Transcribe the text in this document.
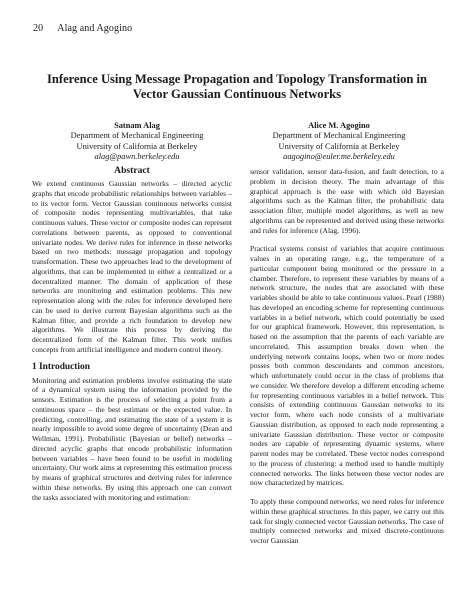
20 Alag and Agogino
Inference Using Message Propagation and Topology Transformation in
Vector Gaussian Continuous Networks
Satnam Alag
Department of Mechanical Engineering
University of California at Berkeley
alag@pawn.berkeley.edu
Alice M. Agogino
Department of Mechanical Engineering
University of California at Berkeley
aagogino@euler.me.berkeley.edu
Abstract

We extend continuous Gaussian networks – directed acyclic graphs that encode probabilistic relationships between variables – to its vector form. Vector Gaussian continuous networks consist of composite nodes representing multivariables, that take continuous values. These vector or composite nodes can represent correlations between parents, as opposed to conventional univariate nodes. We derive rules for inference in these networks based on two methods: message propagation and topology transformation. These two approaches lead to the development of algorithms, that can be implemented in either a centralized or a decentralized manner. The domain of application of these networks are monitoring and estimation problems. This new representation along with the rules for inference developed here can be used to derive current Bayesian algorithms such as the Kalman filter, and provide a rich foundation to develop new algorithms. We illustrate this process by deriving the decentralized form of the Kalman filter. This work unifies concepts from artificial intelligence and modern control theory.

1 Introduction

Monitoring and estimation problems involve estimating the state of a dynamical system using the information provided by the sensors. Estimation is the process of selecting a point from a continuous space – the best estimate or the expected value. In predicting, controlling, and estimating the state of a system it is nearly impossible to avoid some degree of uncertainty (Dean and Wellman, 1991). Probabilistic (Bayesian or belief) networks – directed acyclic graphs that encode probabilistic information between variables – have been found to be useful in modeling uncertainty. Our work aims at representing this estimation process by means of graphical structures and deriving rules for inference within these networks. By using this approach one can convert the tasks associated with monitoring and estimation:

sensor validation, sensor data-fusion, and fault detection, to a problem in decision theory. The main advantage of this graphical approach is the ease with which old Bayesian algorithms such as the Kalman filter, the probabilistic data association filter, multiple model algorithms, as well as new algorithms can be represented and derived using these networks and rules for inference (Alag, 1996).

Practical systems consist of variables that acquire continuous values in an operating range, e.g., the temperature of a particular component being monitored or the pressure in a chamber. Therefore, to represent these variables by means of a network structure, the nodes that are associated with these variables should be able to take continuous values. Pearl (1988) has developed an encoding scheme for representing continuous variables in a belief network, which could potentially be used for our graphical framework. However, this representation, is based on the assumption that the parents of each variable are uncorrelated. This assumption breaks down when the underlying network contains loops, when two or more nodes posses both common descendants and common ancestors, which unfortunately could occur in the class of problems that we consider. We therefore develop a different encoding scheme for representing continuous variables in a belief network. This consists of extending continuous Gaussian networks to its vector form, where each node consists of a multivariate Gaussian distribution, as opposed to each node representing a univariate Gaussian distribution. These vector or composite nodes are capable of representing dynamic systems, where parent nodes may be correlated. These vector nodes correspond to the process of clustering: a method used to handle multiply connected networks. The links between these vector nodes are now characterized by matrices.

To apply these compound networks, we need rules for inference within these graphical structures. In this paper, we carry out this task for singly connected vector Gaussian networks. The case of multiply connected networks and mixed discrete-continuous vector Gaussian
